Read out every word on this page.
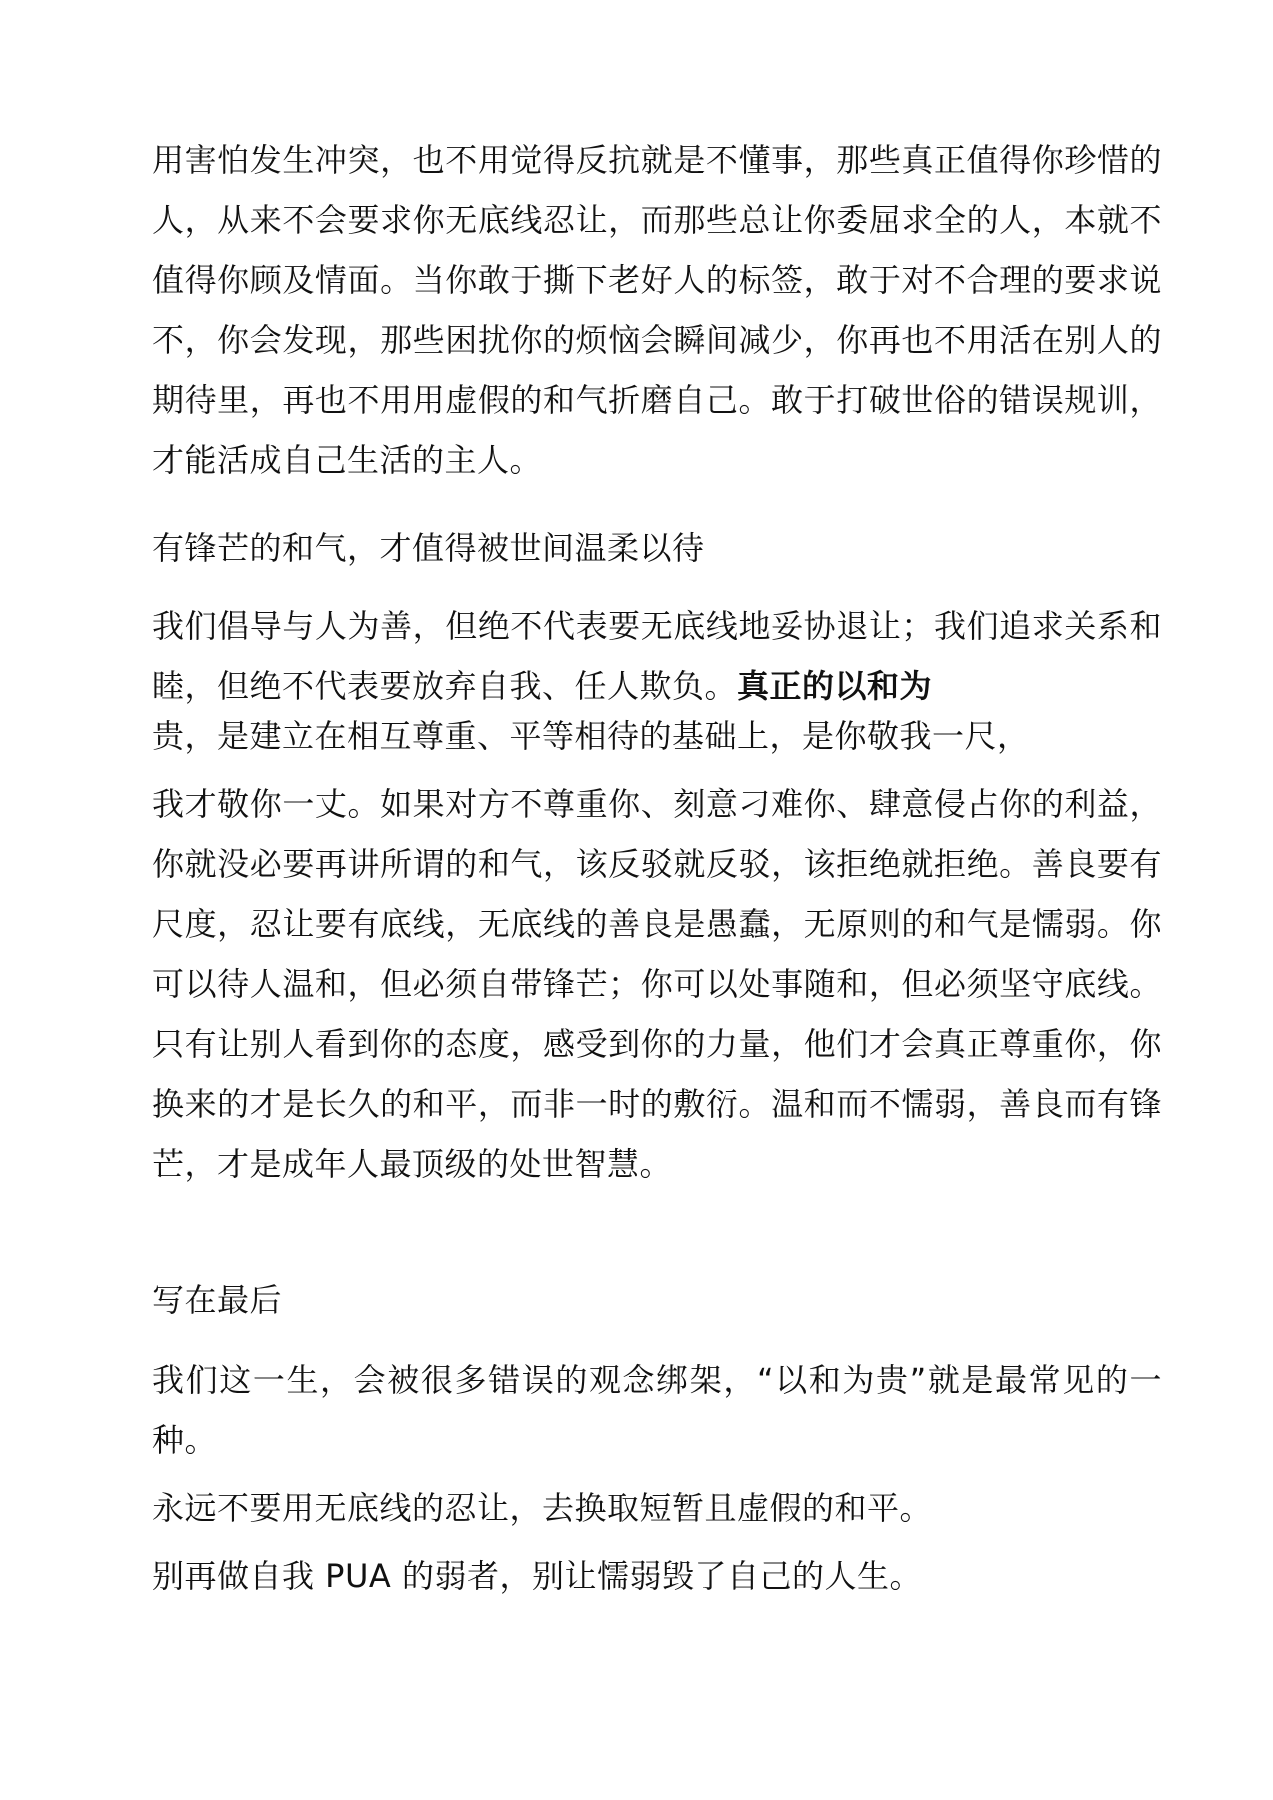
用害怕发生冲突，也不用觉得反抗就是不懂事，那些真正值得你珍惜的人，从来不会要求你无底线忍让，而那些总让你委屈求全的人，本就不值得你顾及情面。当你敢于撕下老好人的标签，敢于对不合理的要求说不，你会发现，那些困扰你的烦恼会瞬间减少，你再也不用活在别人的期待里，再也不用用虚假的和气折磨自己。敢于打破世俗的错误规训，才能活成自己生活的主人。

有锋芒的和气，才值得被世间温柔以待

我们倡导与人为善，但绝不代表要无底线地妥协退让；我们追求关系和睦，但绝不代表要放弃自我、任人欺负。真正的以和为

贵，是建立在相互尊重、平等相待的基础上，是你敬我一尺，

我才敬你一丈。如果对方不尊重你、刻意刁难你、肆意侵占你的利益，你就没必要再讲所谓的和气，该反驳就反驳，该拒绝就拒绝。善良要有尺度，忍让要有底线，无底线的善良是愚蠢，无原则的和气是懦弱。你可以待人温和，但必须自带锋芒；你可以处事随和，但必须坚守底线。只有让别人看到你的态度，感受到你的力量，他们才会真正尊重你，你换来的才是长久的和平，而非一时的敷衍。温和而不懦弱，善良而有锋芒，才是成年人最顶级的处世智慧。

写在最后

我们这一生，会被很多错误的观念绑架，“以和为贵”就是最常见的一种。

永远不要用无底线的忍让，去换取短暂且虚假的和平。

别再做自我 PUA 的弱者，别让懦弱毁了自己的人生。
